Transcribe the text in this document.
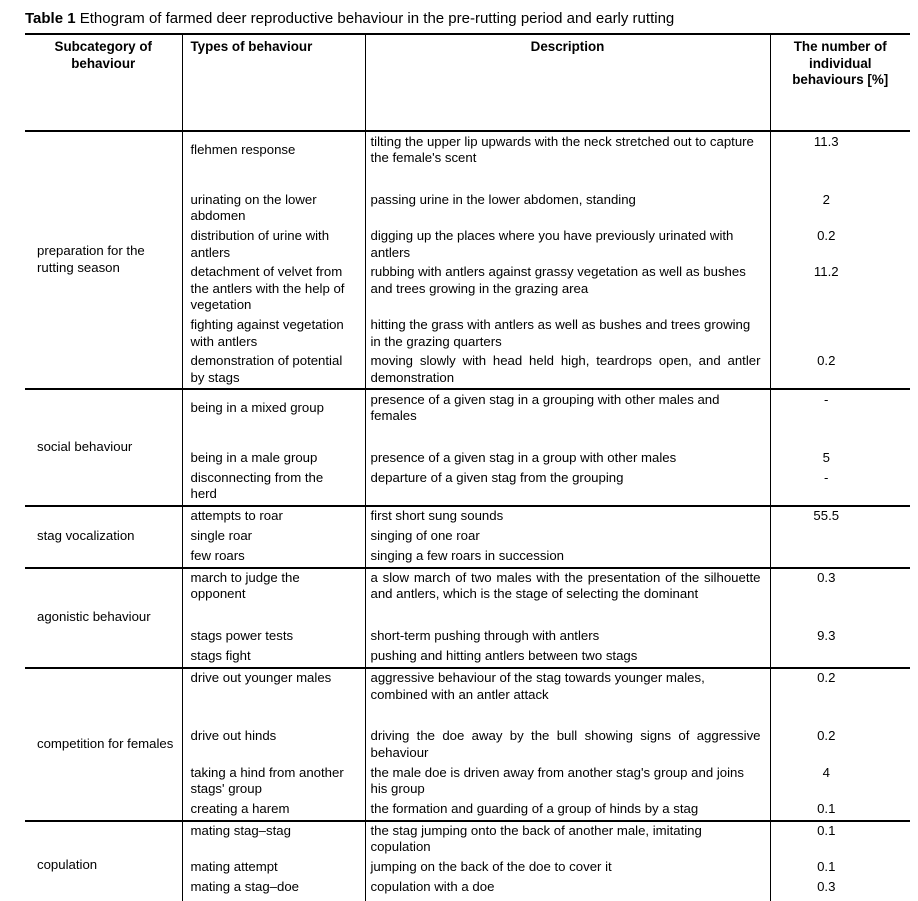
Table 1 Ethogram of farmed deer reproductive behaviour in the pre-rutting period and early rutting
Subcategory of behaviour	Types of behaviour	Description	The number of individual behaviours [%]
preparation for the rutting season	flehmen response	tilting the upper lip upwards with the neck stretched out to capture the female's scent	11.3
	urinating on the lower abdomen	passing urine in the lower abdomen, standing	2
	distribution of urine with antlers	digging up the places where you have previously urinated with antlers	0.2
	detachment of velvet from the antlers with the help of vegetation	rubbing with antlers against grassy vegetation as well as bushes and trees growing in the grazing area	11.2
	fighting against vegetation with antlers	hitting the grass with antlers as well as bushes and trees growing in the grazing quarters	
	demonstration of potential by stags	moving slowly with head held high, teardrops open, and antler demonstration	0.2
social behaviour	being in a mixed group	presence of a given stag in a grouping with other males and females	-
	being in a male group	presence of a given stag in a group with other males	5
	disconnecting from the herd	departure of a given stag from the grouping	-
stag vocalization	attempts to roar	first short sung sounds	55.5
	single roar	singing of one roar	
	few roars	singing a few roars in succession	
agonistic behaviour	march to judge the opponent	a slow march of two males with the presentation of the silhouette and antlers, which is the stage of selecting the dominant	0.3
	stags power tests	short-term pushing through with antlers	9.3
	stags fight	pushing and hitting antlers between two stags	
competition for females	drive out younger males	aggressive behaviour of the stag towards younger males, combined with an antler attack	0.2
	drive out hinds	driving the doe away by the bull showing signs of aggressive behaviour	0.2
	taking a hind from another stags' group	the male doe is driven away from another stag's group and joins his group	4
	creating a harem	the formation and guarding of a group of hinds by a stag	0.1
copulation	mating stag–stag	the stag jumping onto the back of another male, imitating copulation	0.1
	mating attempt	jumping on the back of the doe to cover it	0.1
	mating a stag–doe	copulation with a doe	0.3
